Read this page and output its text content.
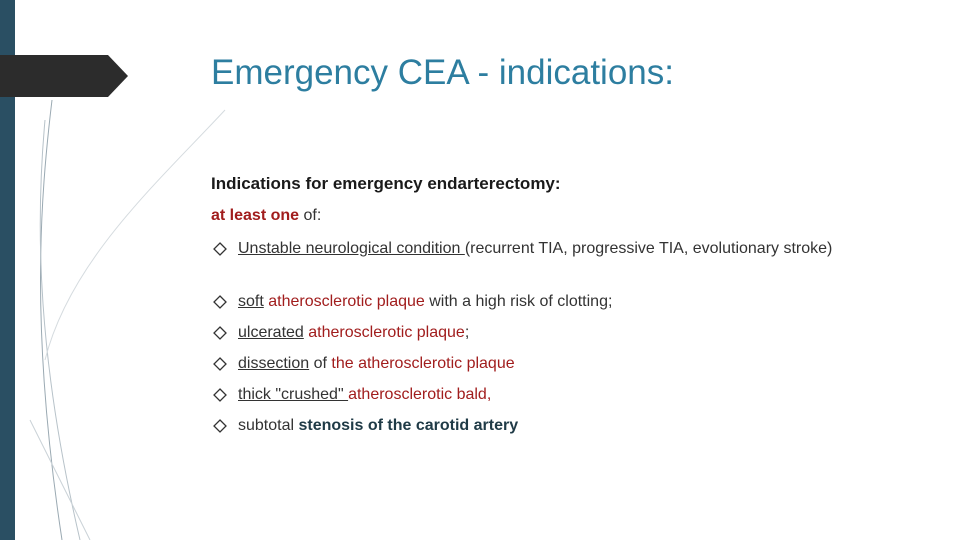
Emergency CEA - indications:

Indications for emergency endarterectomy:

at least one of:

Unstable neurological condition (recurrent TIA, progressive TIA, evolutionary stroke)
soft atherosclerotic plaque with a high risk of clotting;
ulcerated atherosclerotic plaque;
dissection of the atherosclerotic plaque
thick "crushed" atherosclerotic bald,
subtotal stenosis of the carotid artery
